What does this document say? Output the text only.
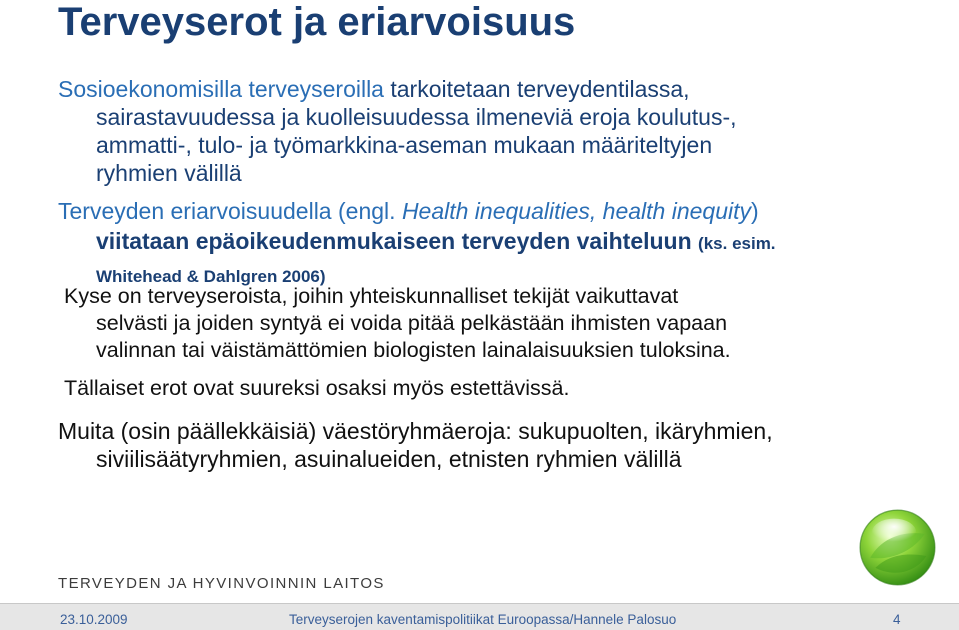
Terveyserot ja eriarvoisuus
Sosioekonomisilla terveyseroilla tarkoitetaan terveydentilassa,
sairastavuudessa ja kuolleisuudessa ilmeneviä eroja koulutus-,
ammatti-, tulo- ja työmarkkina-aseman mukaan määriteltyjen
ryhmien välillä
Terveyden eriarvoisuudella (engl. Health inequalities, health inequity)
viitataan epäoikeudenmukaiseen terveyden vaihteluun (ks. esim.
Whitehead & Dahlgren 2006)
Kyse on terveyseroista, joihin yhteiskunnalliset tekijät vaikuttavat
selvästi ja joiden syntyä ei voida pitää pelkästään ihmisten vapaan
valinnan tai väistämättömien biologisten lainalaisuuksien tuloksina.
Tällaiset erot ovat suureksi osaksi myös estettävissä.
Muita (osin päällekkäisiä) väestöryhmäeroja: sukupuolten, ikäryhmien,
siviilisäätyryhmien, asuinalueiden, etnisten ryhmien välillä
TERVEYDEN JA HYVINVOINNIN LAITOS
23.10.2009	Terveyserojen kaventamispolitiikat Euroopassa/Hannele Palosuo	4
